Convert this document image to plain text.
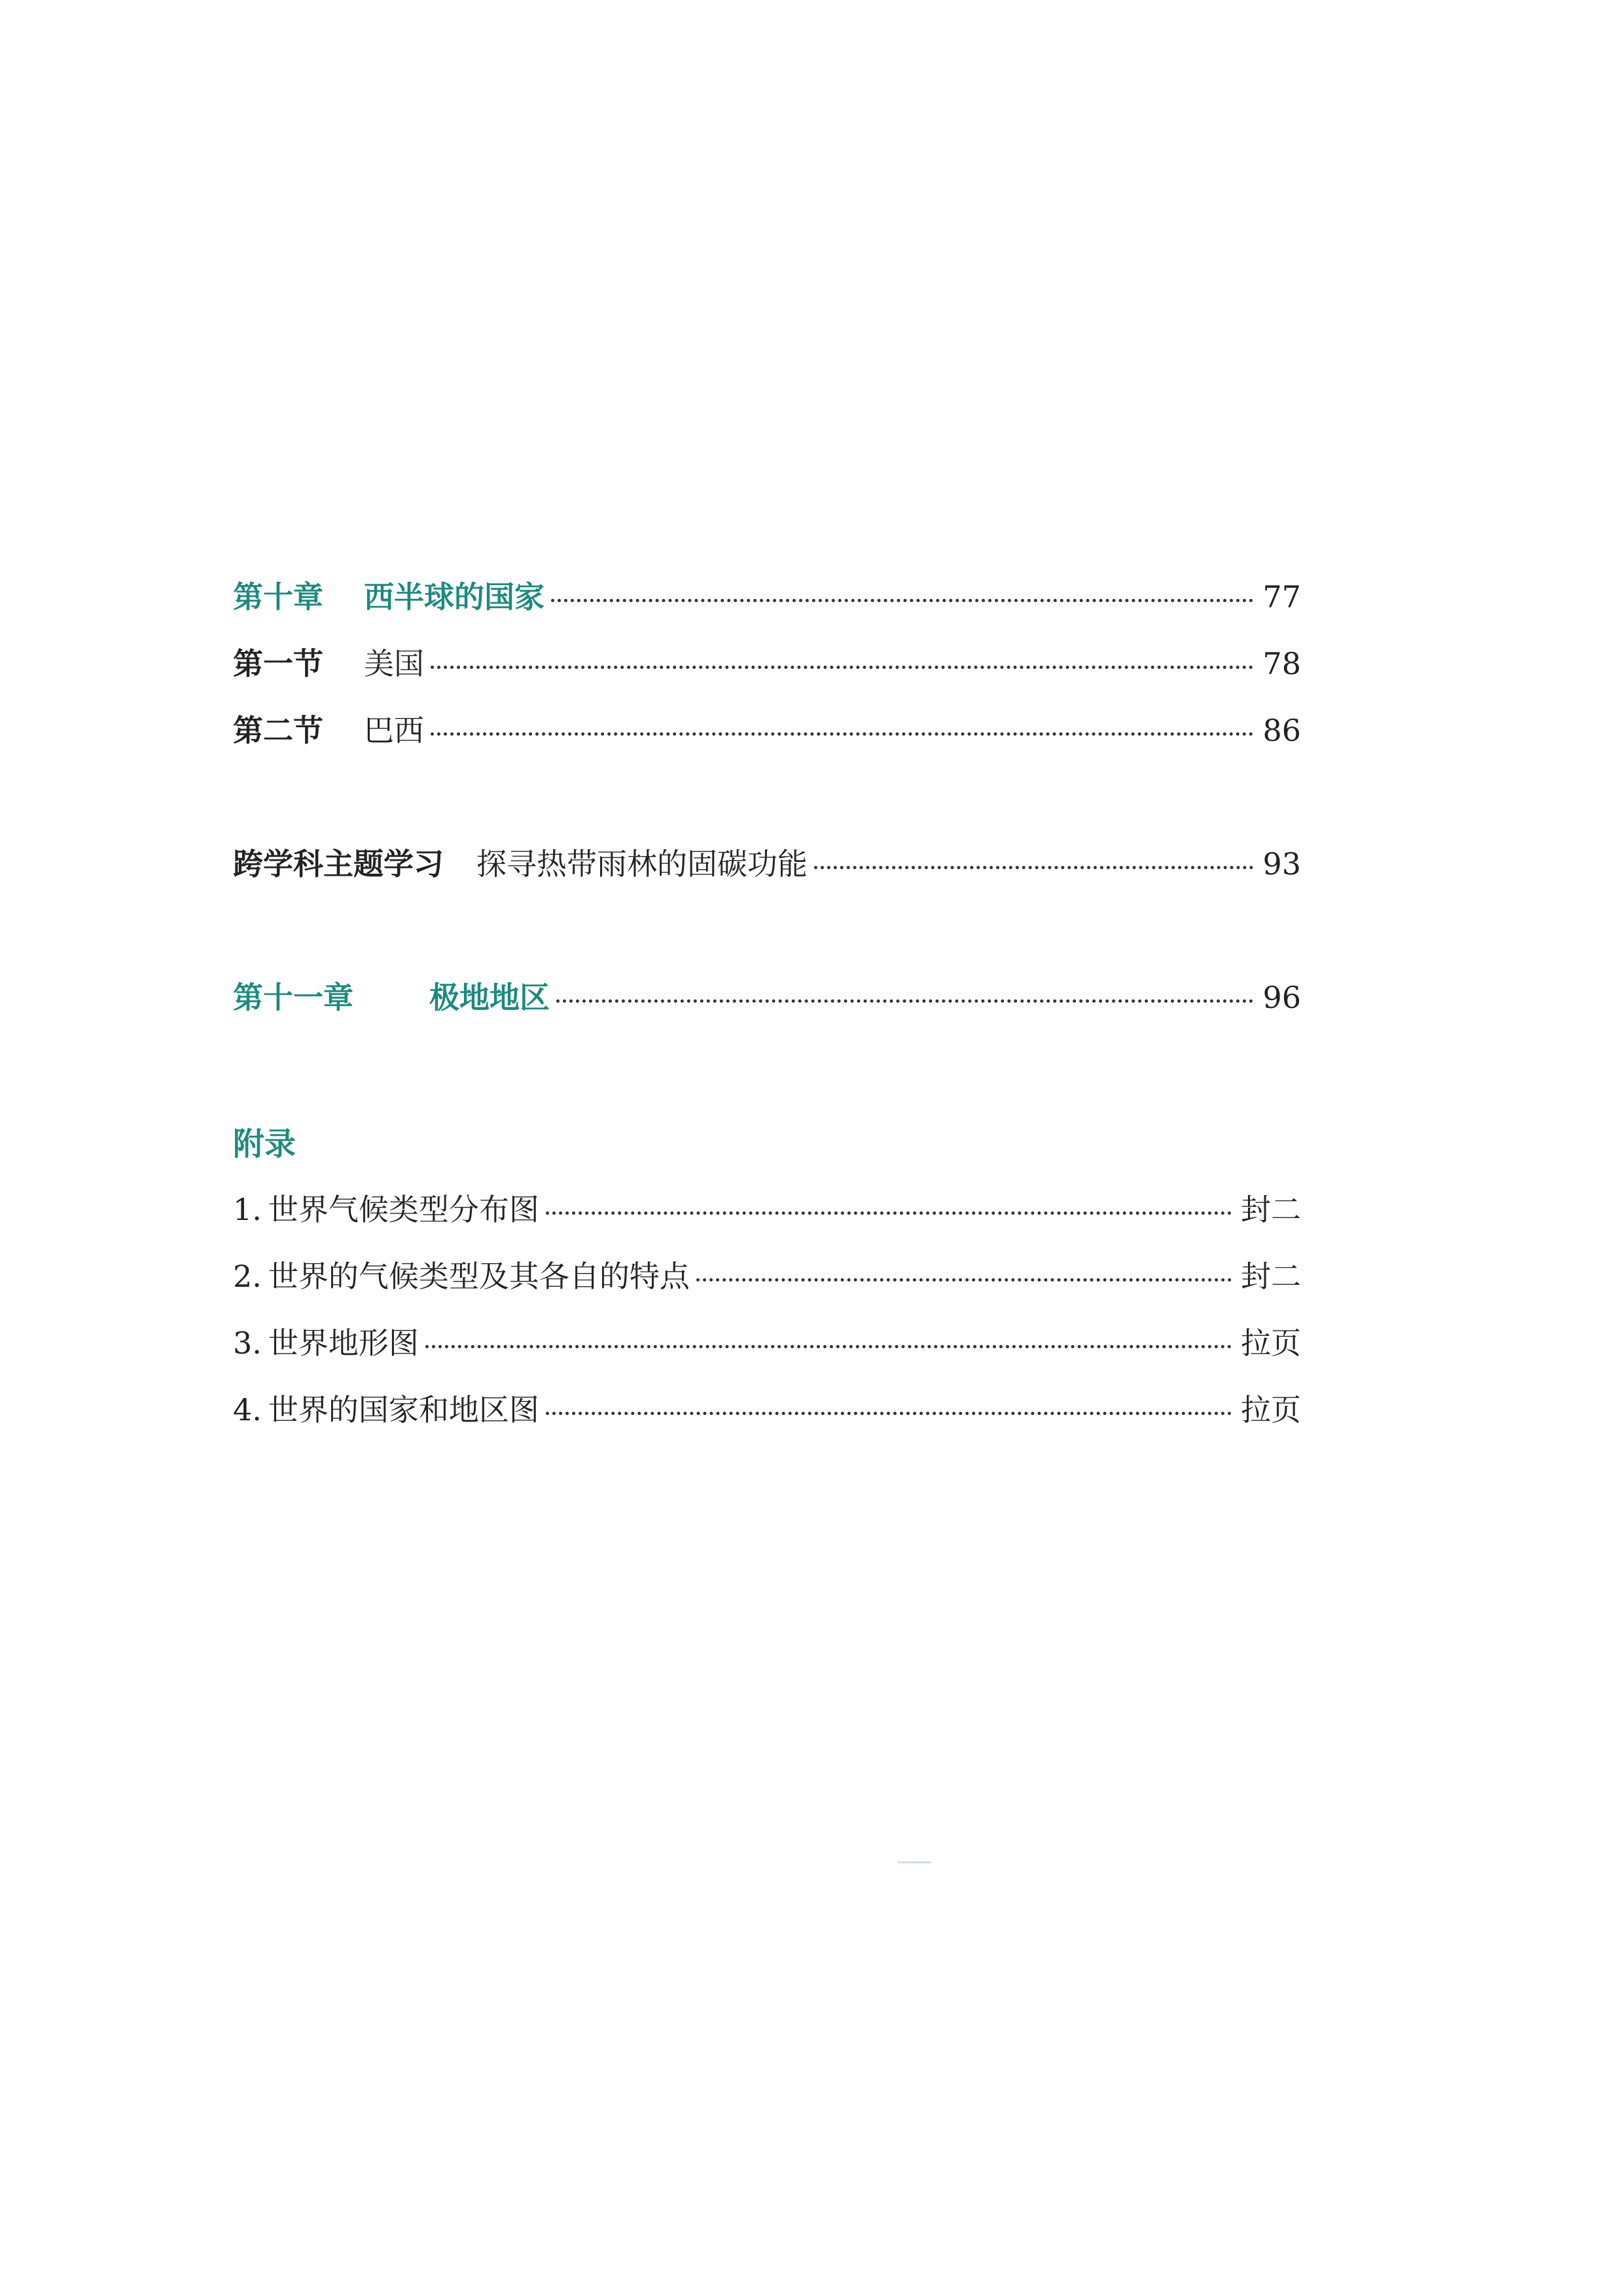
第十章	西半球的国家	77
第一节	美国	78
第二节	巴西	86
跨学科主题学习 探寻热带雨林的固碳功能	93
第十一章	极地地区	96
附录
1. 世界气候类型分布图	封二
2. 世界的气候类型及其各自的特点	封二
3. 世界地形图	拉页
4. 世界的国家和地区图	拉页
